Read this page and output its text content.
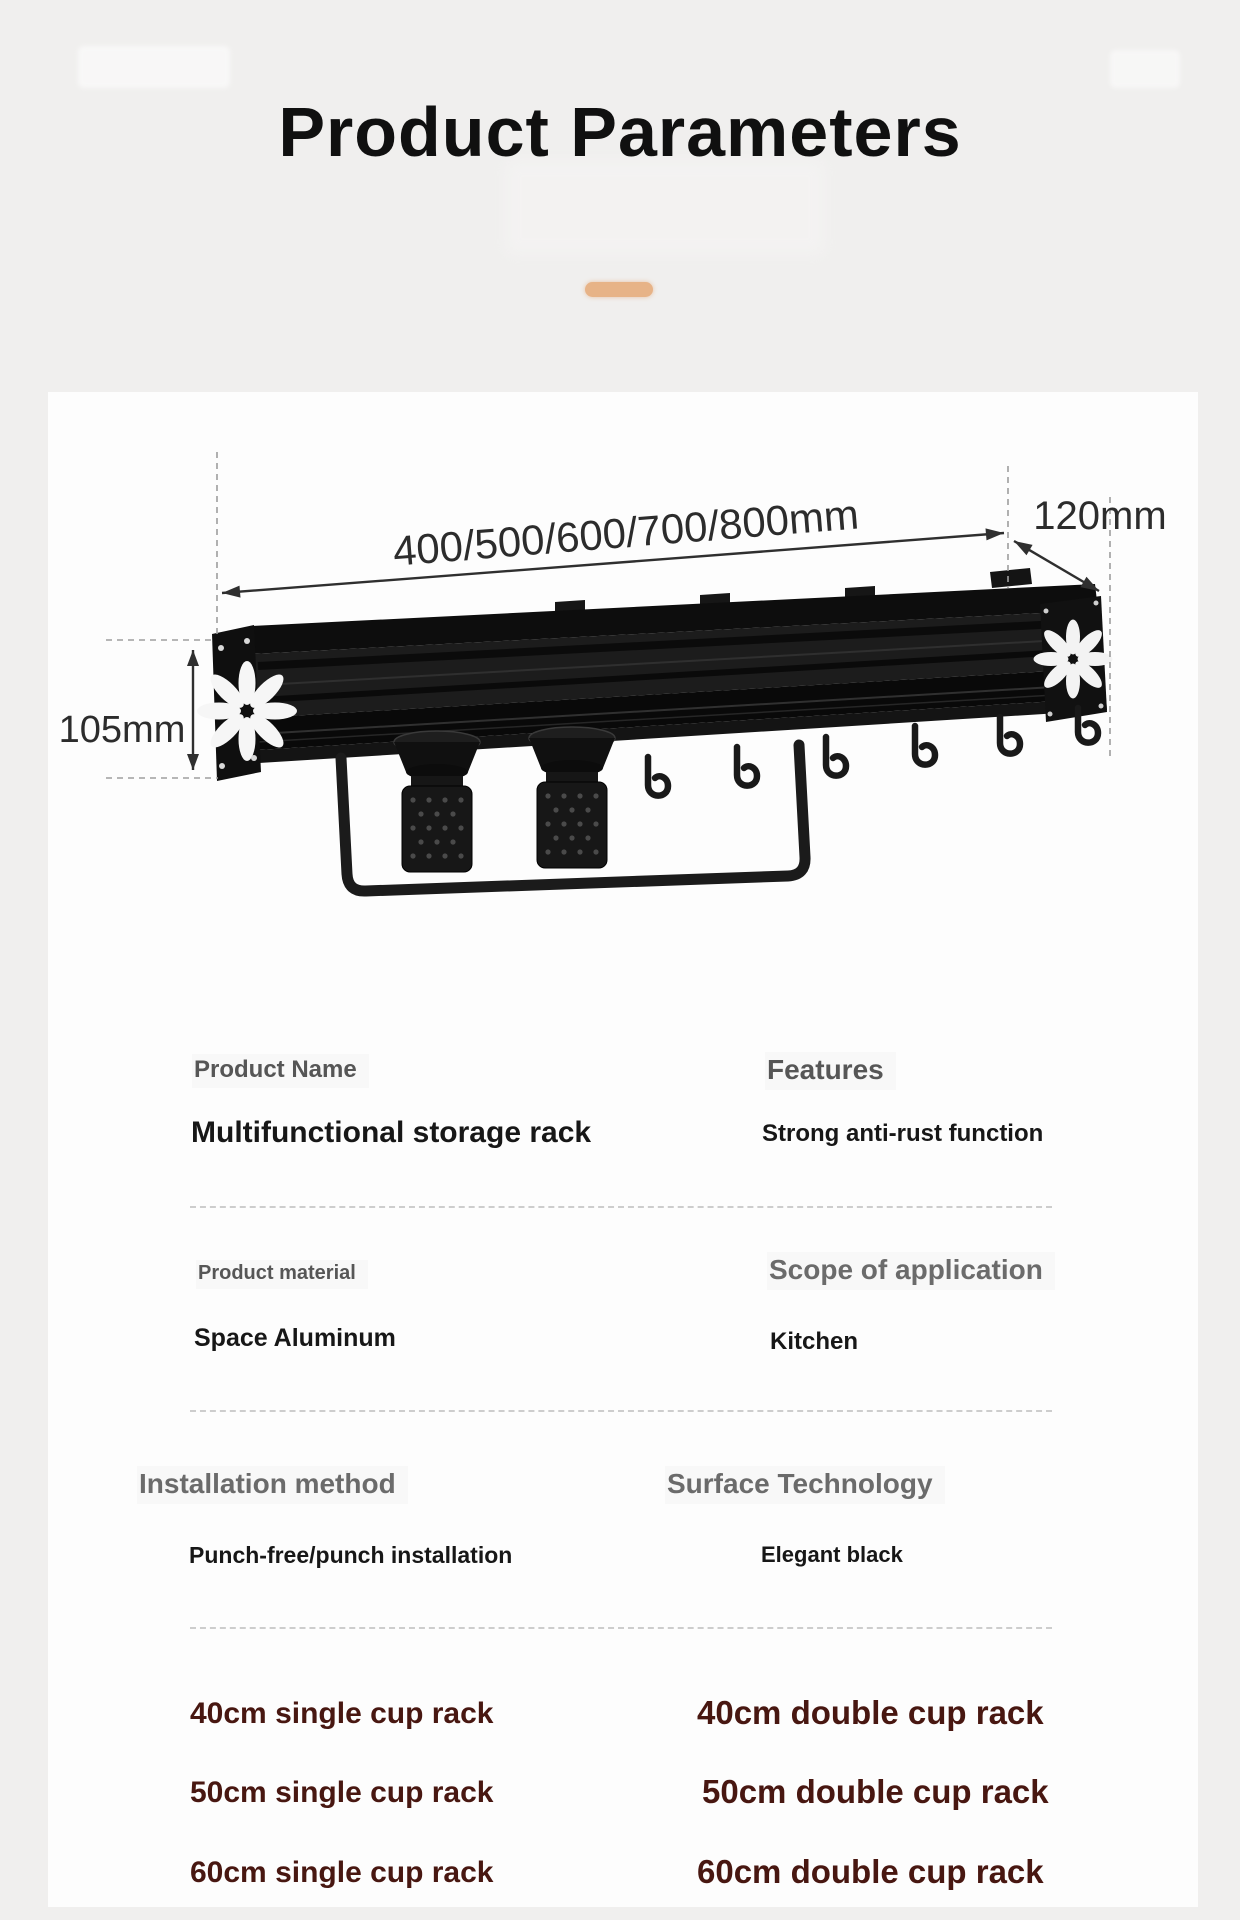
Product Parameters
400/500/600/700/800mm	120mm
105mm
Product Name
Multifunctional storage rack
Features
Strong anti-rust function
Product material
Space Aluminum
Scope of application
Kitchen
Installation method
Punch-free/punch installation
Surface Technology
Elegant black
40cm single cup rack	40cm double cup rack
50cm single cup rack	50cm double cup rack
60cm single cup rack	60cm double cup rack
